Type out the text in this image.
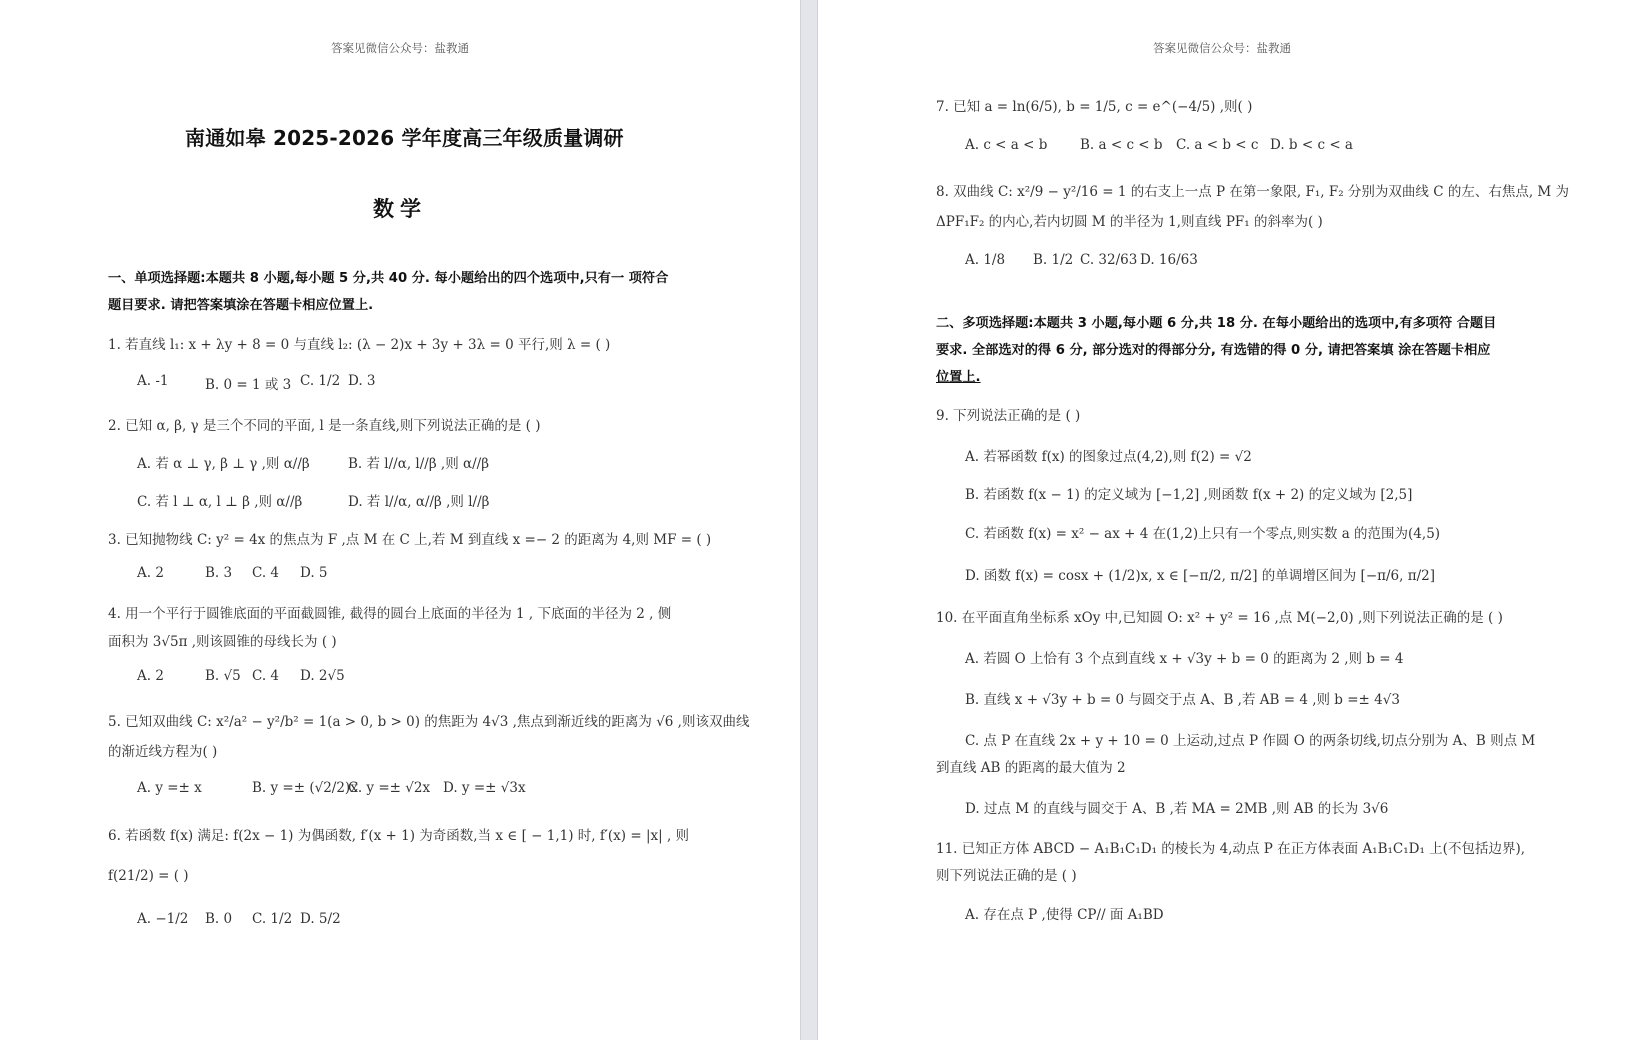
答案见微信公众号：盐教通
南通如皋 2025-2026 学年度高三年级质量调研
数学
一、单项选择题:本题共 8 小题,每小题 5 分,共 40 分. 每小题给出的四个选项中,只有一 项符合
题目要求. 请把答案填涂在答题卡相应位置上.
1. 若直线 l₁: x + λy + 8 = 0 与直线 l₂: (λ − 2)x + 3y + 3λ = 0 平行,则 λ = ( )
A. -1	B. 0 = 1 或 3 C. 1/2 D. 3
2. 已知 α, β, γ 是三个不同的平面, l 是一条直线,则下列说法正确的是 ( )
A. 若 α ⊥ γ, β ⊥ γ ,则 α//β	B. 若 l//α, l//β ,则 α//β
C. 若 l ⊥ α, l ⊥ β ,则 α//β	D. 若 l//α, α//β ,则 l//β
3. 已知抛物线 C: y² = 4x 的焦点为 F ,点 M 在 C 上,若 M 到直线 x =− 2 的距离为 4,则 MF = ( )
A. 2	B. 3 C. 4 D. 5
4. 用一个平行于圆锥底面的平面截圆锥, 截得的圆台上底面的半径为 1 , 下底面的半径为 2 , 侧
面积为 3√5π ,则该圆锥的母线长为 ( )
A. 2	B. √5 C. 4 D. 2√5
5. 已知双曲线 C: x²/a² − y²/b² = 1(a > 0, b > 0) 的焦距为 4√3 ,焦点到渐近线的距离为 √6 ,则该双曲线
的渐近线方程为( )
A. y =± x	B. y =± (√2/2)x
C. y =± √2x D. y =± √3x
6. 若函数 f(x) 满足: f(2x − 1) 为偶函数, f′(x + 1) 为奇函数,当 x ∈ [ − 1,1) 时, f′(x) = |x| , 则
f(21/2) = ( )
A. −1/2 B. 0 C. 1/2 D. 5/2
答案见微信公众号：盐教通
7. 已知 a = ln(6/5), b = 1/5, c = e^(−4/5) ,则( )
A. c < a < b B. a < c < b C. a < b < c D. b < c < a
8. 双曲线 C: x²/9 − y²/16 = 1 的右支上一点 P 在第一象限, F₁, F₂ 分别为双曲线 C 的左、右焦点, M 为
ΔPF₁F₂ 的内心,若内切圆 M 的半径为 1,则直线 PF₁ 的斜率为( )
A. 1/8 B. 1/2 C. 32/63 D. 16/63
二、多项选择题:本题共 3 小题,每小题 6 分,共 18 分. 在每小题给出的选项中,有多项符 合题目
要求. 全部选对的得 6 分, 部分选对的得部分分, 有选错的得 0 分, 请把答案填 涂在答题卡相应
位置上.
9. 下列说法正确的是 ( )
A. 若幂函数 f(x) 的图象过点(4,2),则 f(2) = √2
B. 若函数 f(x − 1) 的定义域为 [−1,2] ,则函数 f(x + 2) 的定义域为 [2,5]
C. 若函数 f(x) = x² − ax + 4 在(1,2)上只有一个零点,则实数 a 的范围为(4,5)
D. 函数 f(x) = cosx + (1/2)x, x ∈ [−π/2, π/2] 的单调增区间为 [−π/6, π/2]
10. 在平面直角坐标系 xOy 中,已知圆 O: x² + y² = 16 ,点 M(−2,0) ,则下列说法正确的是 ( )
A. 若圆 O 上恰有 3 个点到直线 x + √3y + b = 0 的距离为 2 ,则 b = 4
B. 直线 x + √3y + b = 0 与圆交于点 A、B ,若 AB = 4 ,则 b =± 4√3
C. 点 P 在直线 2x + y + 10 = 0 上运动,过点 P 作圆 O 的两条切线,切点分别为 A、B 则点 M
到直线 AB 的距离的最大值为 2
D. 过点 M 的直线与圆交于 A、B ,若 MA = 2MB ,则 AB 的长为 3√6
11. 已知正方体 ABCD − A₁B₁C₁D₁ 的棱长为 4,动点 P 在正方体表面 A₁B₁C₁D₁ 上(不包括边界),
则下列说法正确的是 ( )
A. 存在点 P ,使得 CP// 面 A₁BD
